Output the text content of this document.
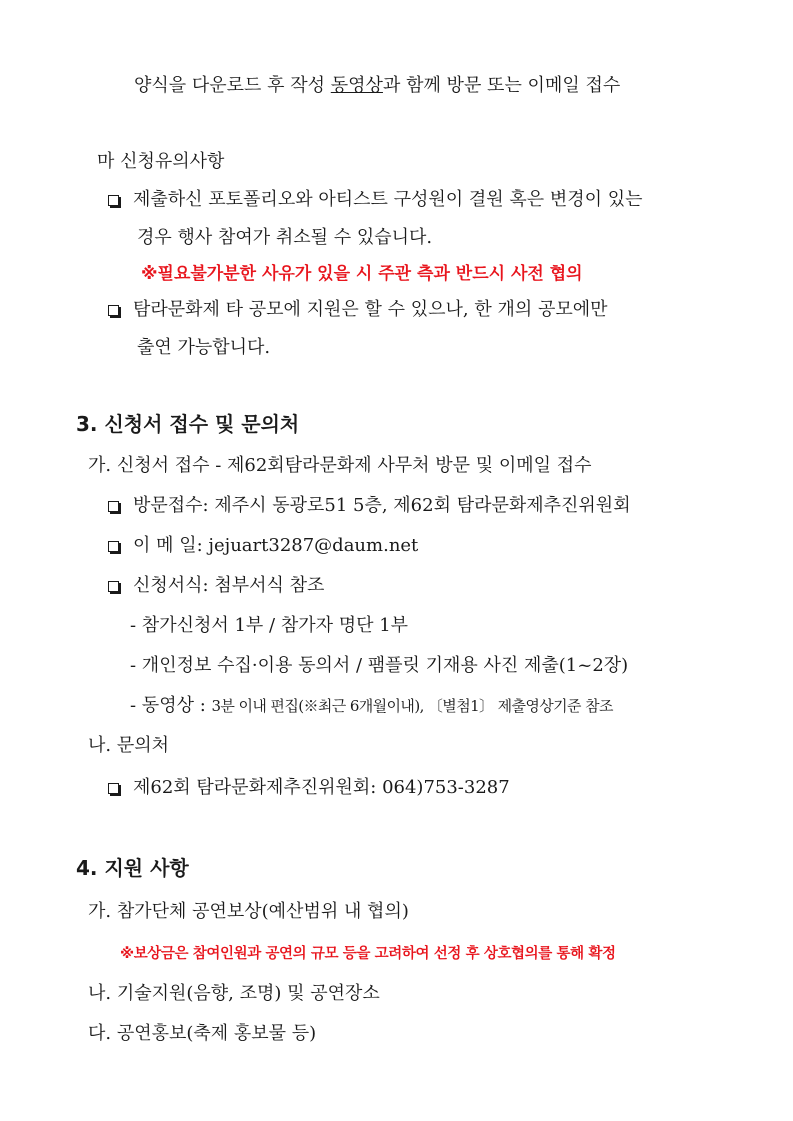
양식을 다운로드 후 작성 동영상과 함께 방문 또는 이메일 접수
마 신청유의사항
제출하신 포토폴리오와 아티스트 구성원이 결원 혹은 변경이 있는
경우 행사 참여가 취소될 수 있습니다.
※필요불가분한 사유가 있을 시 주관 측과 반드시 사전 협의
탐라문화제 타 공모에 지원은 할 수 있으나, 한 개의 공모에만
출연 가능합니다.
3. 신청서 접수 및 문의처
가. 신청서 접수 - 제62회탐라문화제 사무처 방문 및 이메일 접수
방문접수: 제주시 동광로51 5층, 제62회 탐라문화제추진위원회
이 메 일: jejuart3287@daum.net
신청서식: 첨부서식 참조
- 참가신청서 1부 / 참가자 명단 1부
- 개인정보 수집·이용 동의서 / 팸플릿 기재용 사진 제출(1~2장)
- 동영상 : 3분 이내 편집(※최근 6개월이내), 〔별첨1〕 제출영상기준 참조
나. 문의처
제62회 탐라문화제추진위원회: 064)753-3287
4. 지원 사항
가. 참가단체 공연보상(예산범위 내 협의)
※보상금은 참여인원과 공연의 규모 등을 고려하여 선정 후 상호협의를 통해 확정
나. 기술지원(음향, 조명) 및 공연장소
다. 공연홍보(축제 홍보물 등)
